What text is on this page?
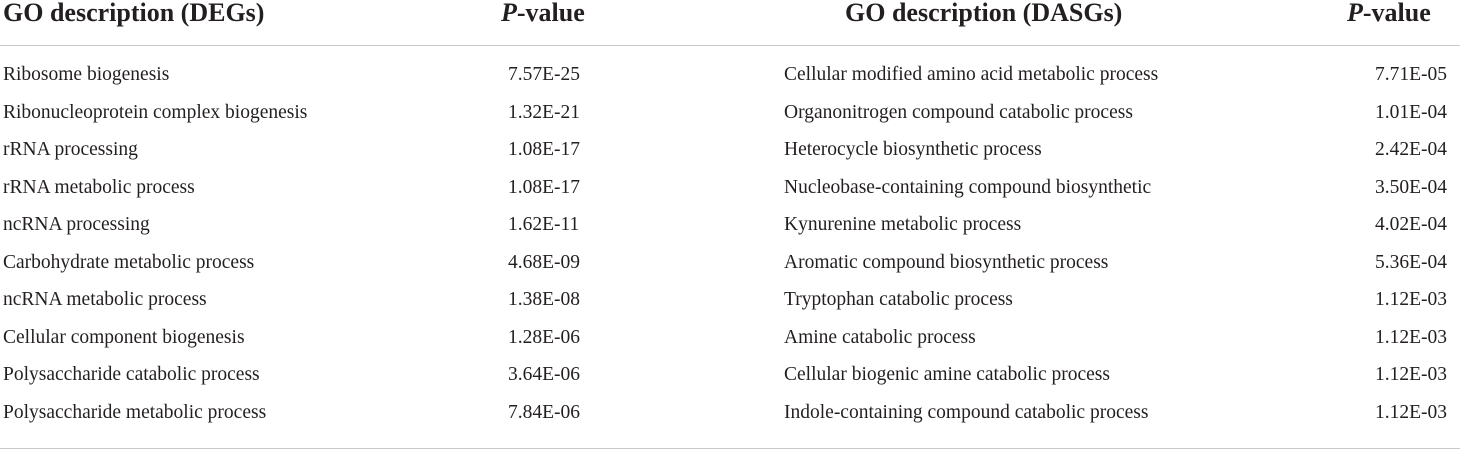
GO description (DEGs)	P-value	GO description (DASGs)	P-value
Ribosome biogenesis	7.57E-25	Cellular modified amino acid metabolic process	7.71E-05
Ribonucleoprotein complex biogenesis	1.32E-21	Organonitrogen compound catabolic process	1.01E-04
rRNA processing	1.08E-17	Heterocycle biosynthetic process	2.42E-04
rRNA metabolic process	1.08E-17	Nucleobase-containing compound biosynthetic	3.50E-04
ncRNA processing	1.62E-11	Kynurenine metabolic process	4.02E-04
Carbohydrate metabolic process	4.68E-09	Aromatic compound biosynthetic process	5.36E-04
ncRNA metabolic process	1.38E-08	Tryptophan catabolic process	1.12E-03
Cellular component biogenesis	1.28E-06	Amine catabolic process	1.12E-03
Polysaccharide catabolic process	3.64E-06	Cellular biogenic amine catabolic process	1.12E-03
Polysaccharide metabolic process	7.84E-06	Indole-containing compound catabolic process	1.12E-03
